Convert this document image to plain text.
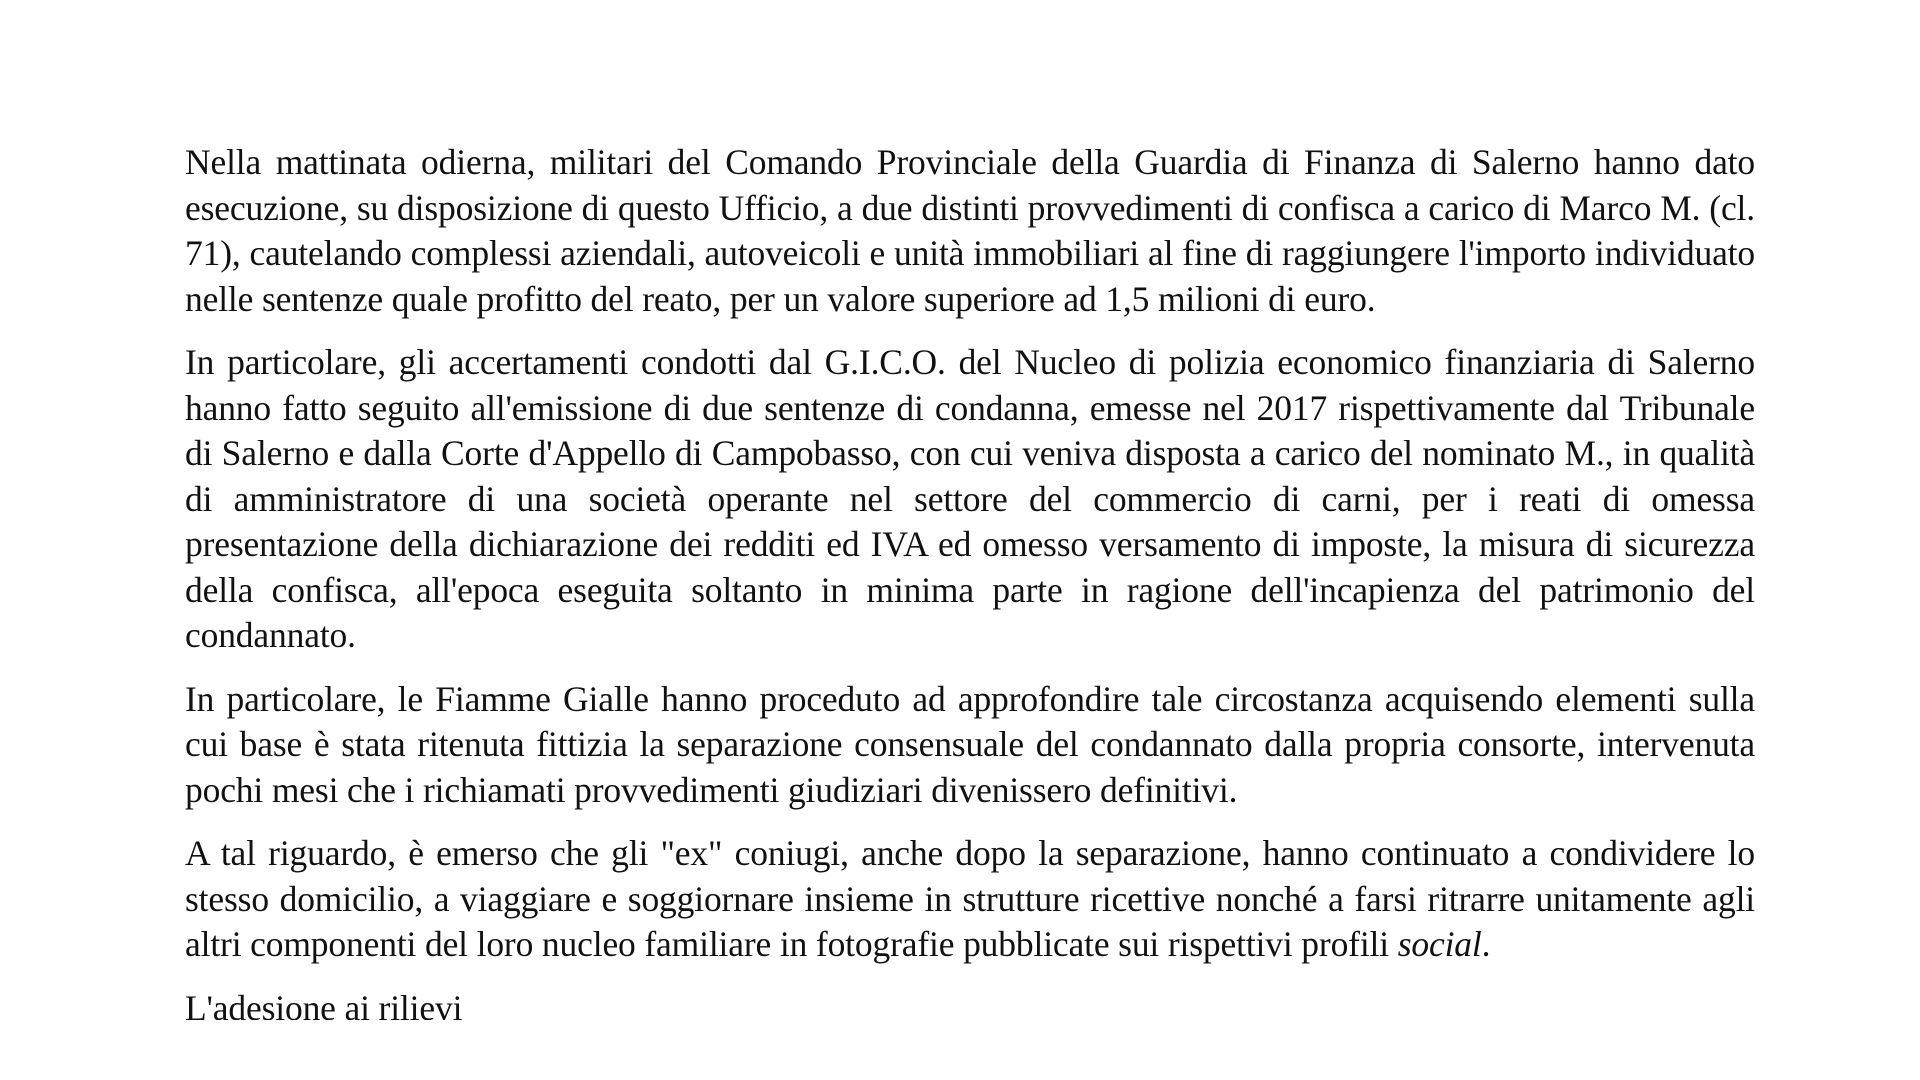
Nella mattinata odierna, militari del Comando Provinciale della Guardia di Finanza di Salerno hanno dato esecuzione, su disposizione di questo Ufficio, a due distinti provvedimenti di confisca a carico di Marco M. (cl. 71), cautelando complessi aziendali, autoveicoli e unità immobiliari al fine di raggiungere l'importo individuato nelle sentenze quale profitto del reato, per un valore superiore ad 1,5 milioni di euro.

In particolare, gli accertamenti condotti dal G.I.C.O. del Nucleo di polizia economico finanziaria di Salerno hanno fatto seguito all'emissione di due sentenze di condanna, emesse nel 2017 rispettivamente dal Tribunale di Salerno e dalla Corte d'Appello di Campobasso, con cui veniva disposta a carico del nominato M., in qualità di amministratore di una società operante nel settore del commercio di carni, per i reati di omessa presentazione della dichiarazione dei redditi ed IVA ed omesso versamento di imposte, la misura di sicurezza della confisca, all'epoca eseguita soltanto in minima parte in ragione dell'incapienza del patrimonio del condannato.

In particolare, le Fiamme Gialle hanno proceduto ad approfondire tale circostanza acquisendo elementi sulla cui base è stata ritenuta fittizia la separazione consensuale del condannato dalla propria consorte, intervenuta pochi mesi che i richiamati provvedimenti giudiziari divenissero definitivi.

A tal riguardo, è emerso che gli "ex" coniugi, anche dopo la separazione, hanno continuato a condividere lo stesso domicilio, a viaggiare e soggiornare insieme in strutture ricettive nonché a farsi ritrarre unitamente agli altri componenti del loro nucleo familiare in fotografie pubblicate sui rispettivi profili social.

L'adesione ai rilievi
